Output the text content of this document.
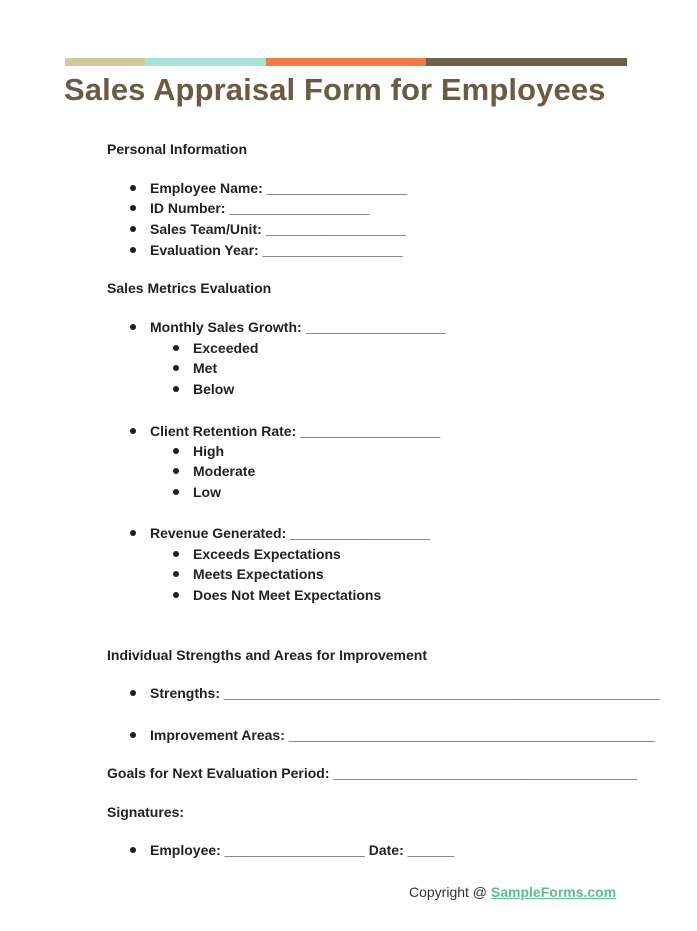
Sales Appraisal Form for Employees
Personal Information
Employee Name: __________________
ID Number: __________________
Sales Team/Unit: __________________
Evaluation Year: __________________
Sales Metrics Evaluation
Monthly Sales Growth: __________________
Exceeded
Met
Below
Client Retention Rate: __________________
High
Moderate
Low
Revenue Generated: __________________
Exceeds Expectations
Meets Expectations
Does Not Meet Expectations
Individual Strengths and Areas for Improvement
Strengths: ________________________________________________________
Improvement Areas: _______________________________________________
Goals for Next Evaluation Period: _______________________________________
Signatures:
Employee: __________________ Date: ______
Copyright @ SampleForms.com
